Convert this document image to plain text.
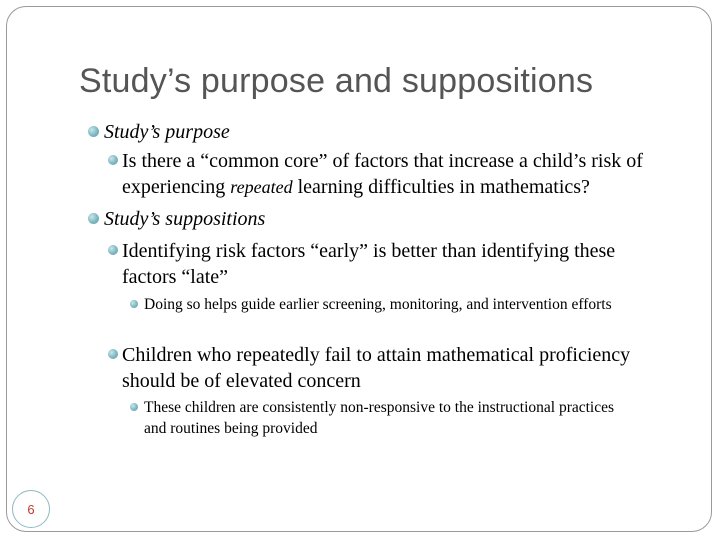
Study’s purpose and suppositions
Study’s purpose
Is there a “common core” of factors that increase a child’s risk of experiencing repeated learning difficulties in mathematics?
Study’s suppositions
Identifying risk factors “early” is better than identifying these factors “late”
Doing so helps guide earlier screening, monitoring, and intervention efforts
Children who repeatedly fail to attain mathematical proficiency should be of elevated concern
These children are consistently non-responsive to the instructional practices and routines being provided
6
